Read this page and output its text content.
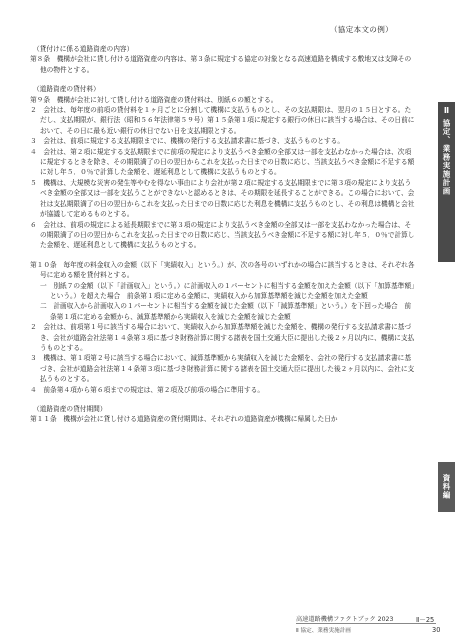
（協定本文の例）

（貸付けに係る道路資産の内容）

第８条　機構が会社に貸し付ける道路資産の内容は、第３条に規定する協定の対象となる高速道路を構成する敷地又は支障その他の物件とする。

（道路資産の貸付料）

第９条　機構が会社に対して貸し付ける道路資産の貸付料は、別紙６の額とする。

２　会社は、毎年度の前項の貸付料を１ヶ月ごとに分割して機構に支払うものとし、その支払期限は、翌月の１５日とする。ただし、支払期限が、銀行法（昭和５６年法律第５９号）第１５条第１項に規定する銀行の休日に該当する場合は、その日前において、その日に最も近い銀行の休日でない日を支払期限とする。

３　会社は、前項に規定する支払期限までに、機構の発行する支払請求書に基づき、支払うものとする。

４　会社は、第２項に規定する支払期限までに前項の規定により支払うべき金額の全部又は一部を支払わなかった場合は、次項に規定するときを除き、その期限満了の日の翌日からこれを支払った日までの日数に応じ、当該支払うべき金額に不足する額に対し年５．０％で計算した金額を、遅延利息として機構に支払うものとする。

５　機構は、大規模な災害の発生等やむを得ない事由により会社が第２項に規定する支払期限までに第３項の規定により支払うべき金額の全部又は一部を支払うことができないと認めるときは、その期限を延長することができる。この場合において、会社は支払期限満了の日の翌日からこれを支払った日までの日数に応じた利息を機構に支払うものとし、その利息は機構と会社が協議して定めるものとする。

６　会社は、前項の規定による延長期限までに第３項の規定により支払うべき金額の全部又は一部を支払わなかった場合は、その期限満了の日の翌日からこれを支払った日までの日数に応じ、当該支払うべき金額に不足する額に対し年５．０％で計算した金額を、遅延利息として機構に支払うものとする。

第１０条　毎年度の料金収入の金額（以下「実績収入」という。）が、次の各号のいずれかの場合に該当するときは、それぞれ各号に定める額を貸付料とする。

一　別紙７の金額（以下「計画収入」という。）に計画収入の１パーセントに相当する金額を加えた金額（以下「加算基準額」という。）を超えた場合　前条第１項に定める金額に、実績収入から加算基準額を減じた金額を加えた金額

二　計画収入から計画収入の１パーセントに相当する金額を減じた金額（以下「減算基準額」という。）を下回った場合　前条第１項に定める金額から、減算基準額から実績収入を減じた金額を減じた金額

２　会社は、前項第１号に該当する場合において、実績収入から加算基準額を減じた金額を、機構の発行する支払請求書に基づき、会社が道路会社法第１４条第３項に基づき財務計算に関する諸表を国土交通大臣に提出した後２ヶ月以内に、機構に支払うものとする。

３　機構は、第１項第２号に該当する場合において、減算基準額から実績収入を減じた金額を、会社の発行する支払請求書に基づき、会社が道路会社法第１４条第３項に基づき財務計算に関する諸表を国土交通大臣に提出した後２ヶ月以内に、会社に支払うものとする。

４　前条第４項から第６項までの規定は、第２項及び前項の場合に準用する。

（道路資産の貸付期間）

第１１条　機構が会社に貸し付ける道路資産の貸付期間は、それぞれの道路資産が機構に帰属した日か

Ⅱ
協定、業務実施計画
資料編
高速道路機構ファクトブック 2023
Ⅱ 協定、業務実施計画
Ⅱ－25
30
